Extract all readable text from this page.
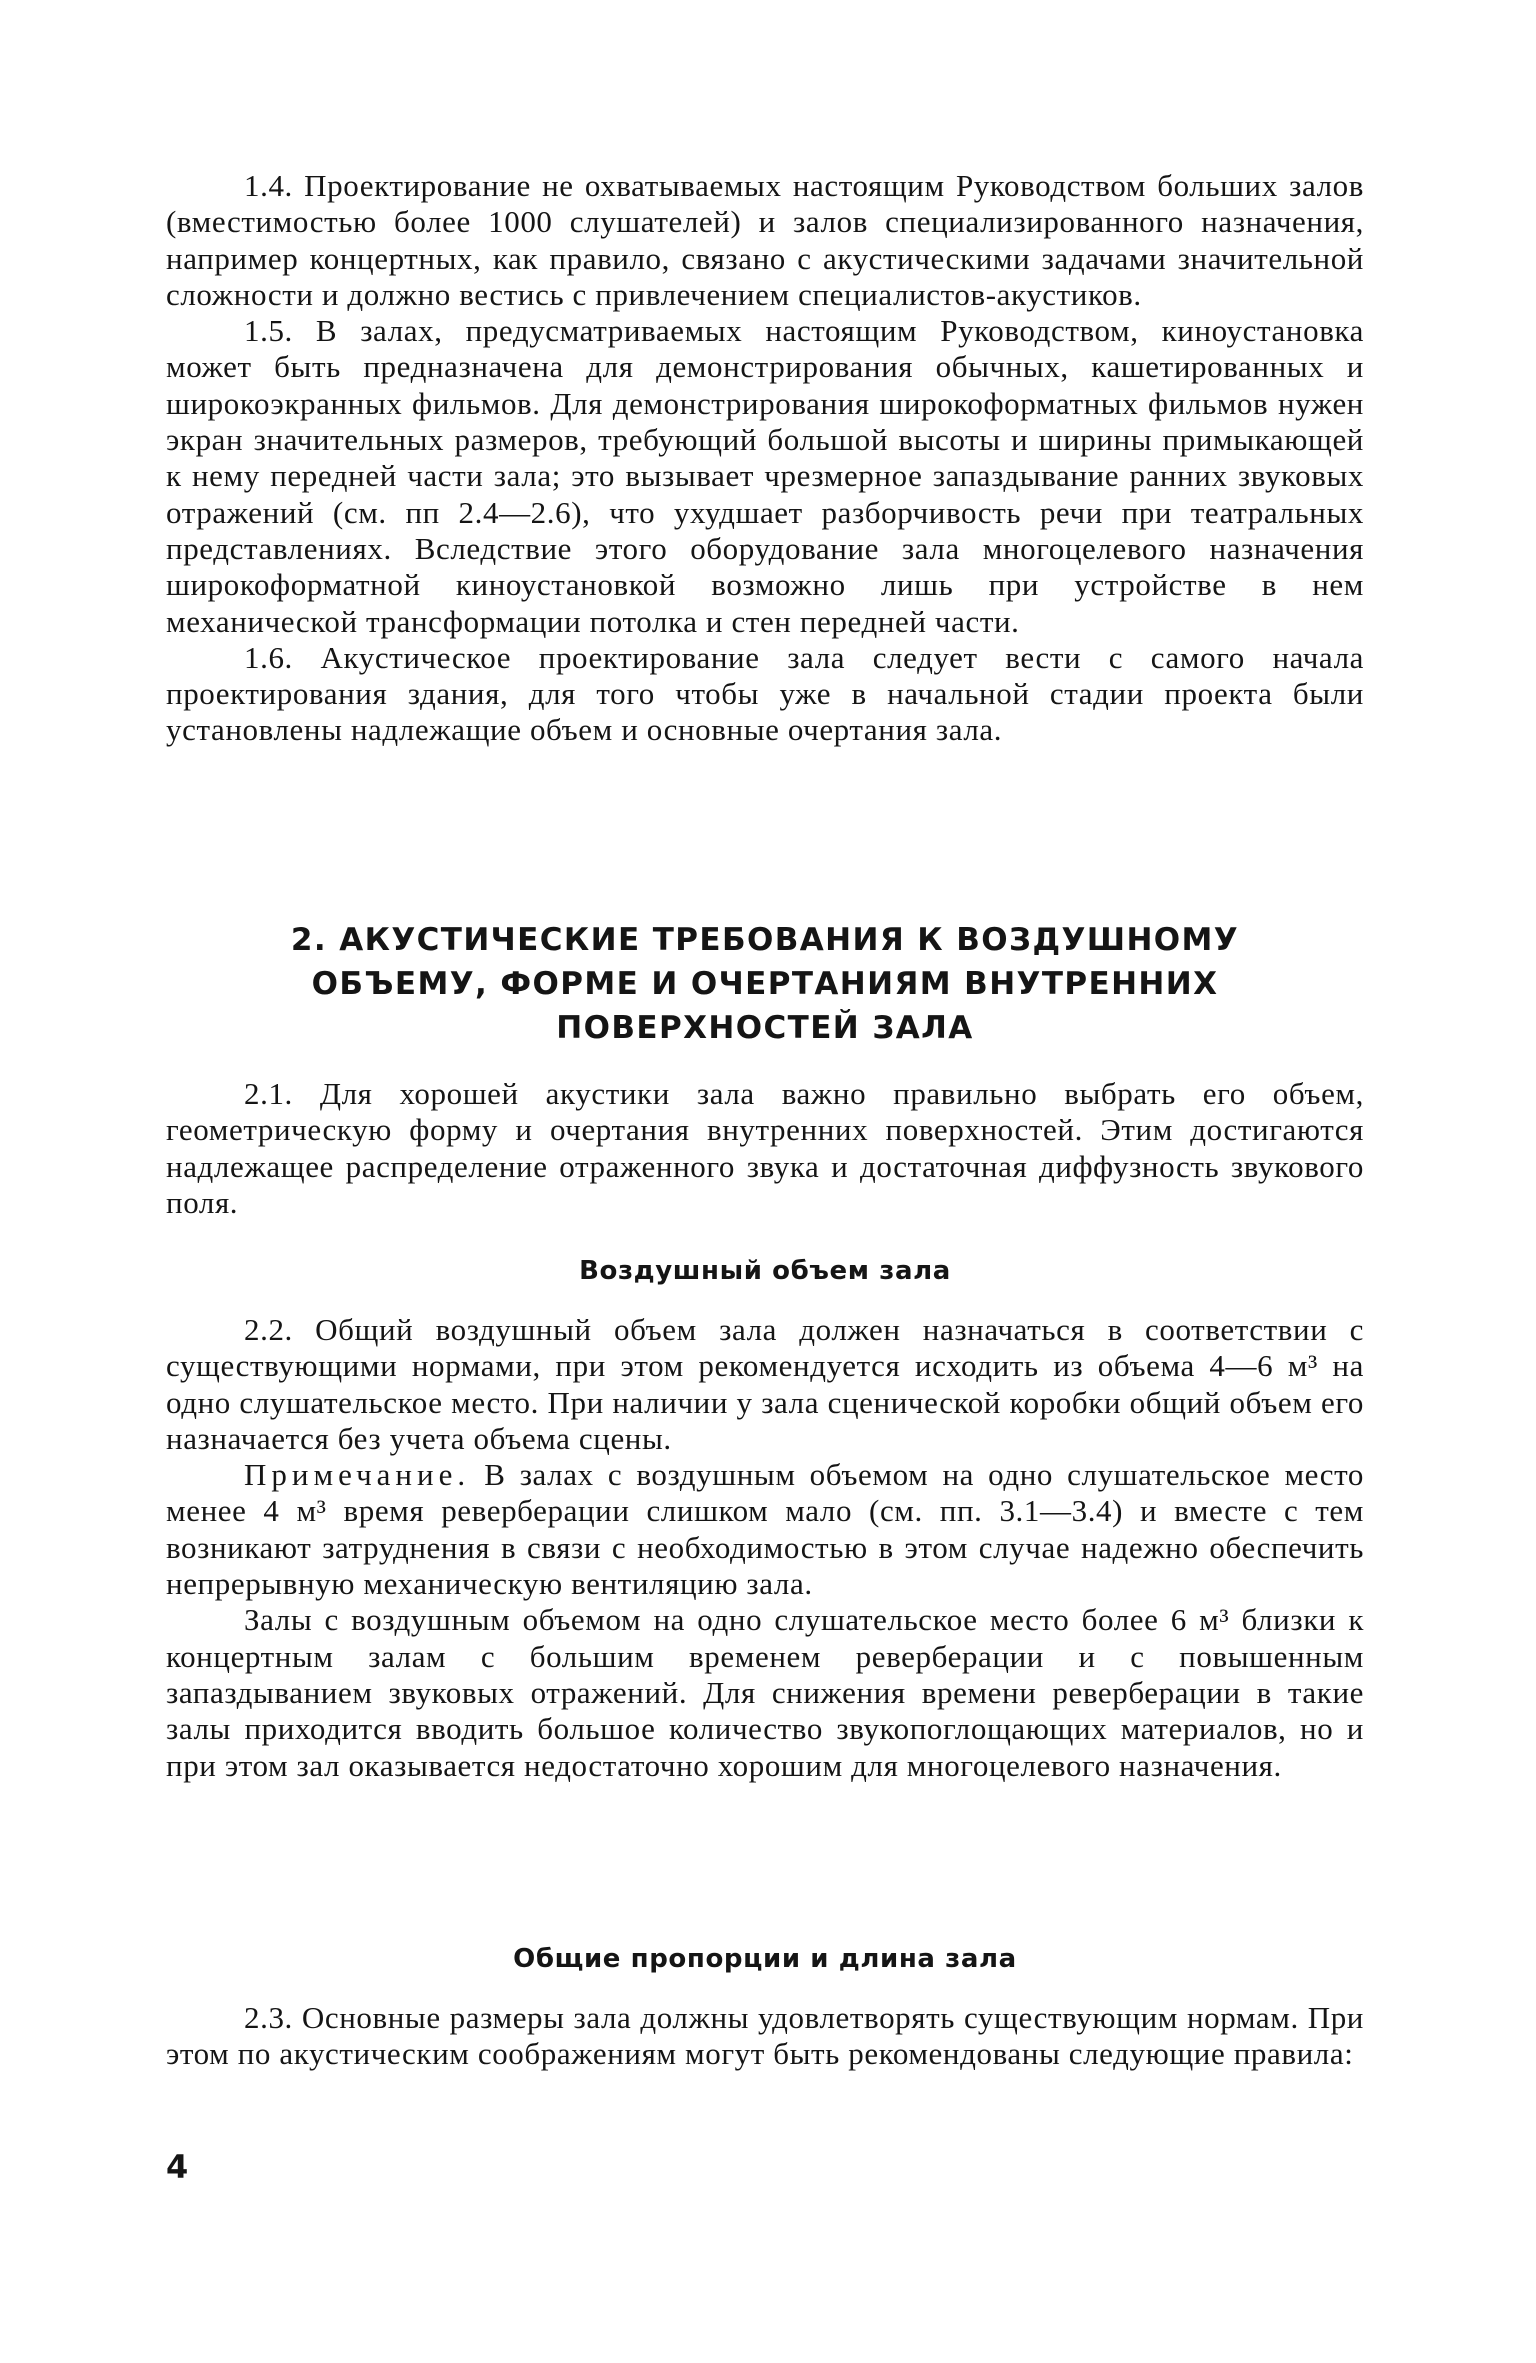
1.4. Проектирование не охватываемых настоящим Руководством больших залов (вместимостью более 1000 слушателей) и залов специализированного назначения, например концертных, как правило, связано с акустическими задачами значительной сложности и должно вестись с привлечением специалистов-акустиков.

1.5. В залах, предусматриваемых настоящим Руководством, киноустановка может быть предназначена для демонстрирования обычных, кашетированных и широкоэкранных фильмов. Для демонстрирования широкоформатных фильмов нужен экран значительных размеров, требующий большой высоты и ширины примыкающей к нему передней части зала; это вызывает чрезмерное запаздывание ранних звуковых отражений (см. пп 2.4—2.6), что ухудшает разборчивость речи при театральных представлениях. Вследствие этого оборудование зала многоцелевого назначения широкоформатной киноустановкой возможно лишь при устройстве в нем механической трансформации потолка и стен передней части.

1.6. Акустическое проектирование зала следует вести с самого начала проектирования здания, для того чтобы уже в начальной стадии проекта были установлены надлежащие объем и основные очертания зала.

2. АКУСТИЧЕСКИЕ ТРЕБОВАНИЯ К ВОЗДУШНОМУ
ОБЪЕМУ, ФОРМЕ И ОЧЕРТАНИЯМ ВНУТРЕННИХ
ПОВЕРХНОСТЕЙ ЗАЛА

2.1. Для хорошей акустики зала важно правильно выбрать его объем, геометрическую форму и очертания внутренних поверхностей. Этим достигаются надлежащее распределение отраженного звука и достаточная диффузность звукового поля.

Воздушный объем зала

2.2. Общий воздушный объем зала должен назначаться в соответствии с существующими нормами, при этом рекомендуется исходить из объема 4—6 м³ на одно слушательское место. При наличии у зала сценической коробки общий объем его назначается без учета объема сцены.

Примечание. В залах с воздушным объемом на одно слушательское место менее 4 м³ время реверберации слишком мало (см. пп. 3.1—3.4) и вместе с тем возникают затруднения в связи с необходимостью в этом случае надежно обеспечить непрерывную механическую вентиляцию зала.

Залы с воздушным объемом на одно слушательское место более 6 м³ близки к концертным залам с большим временем реверберации и с повышенным запаздыванием звуковых отражений. Для снижения времени реверберации в такие залы приходится вводить большое количество звукопоглощающих материалов, но и при этом зал оказывается недостаточно хорошим для многоцелевого назначения.

Общие пропорции и длина зала

2.3. Основные размеры зала должны удовлетворять существующим нормам. При этом по акустическим соображениям могут быть рекомендованы следующие правила:

4
